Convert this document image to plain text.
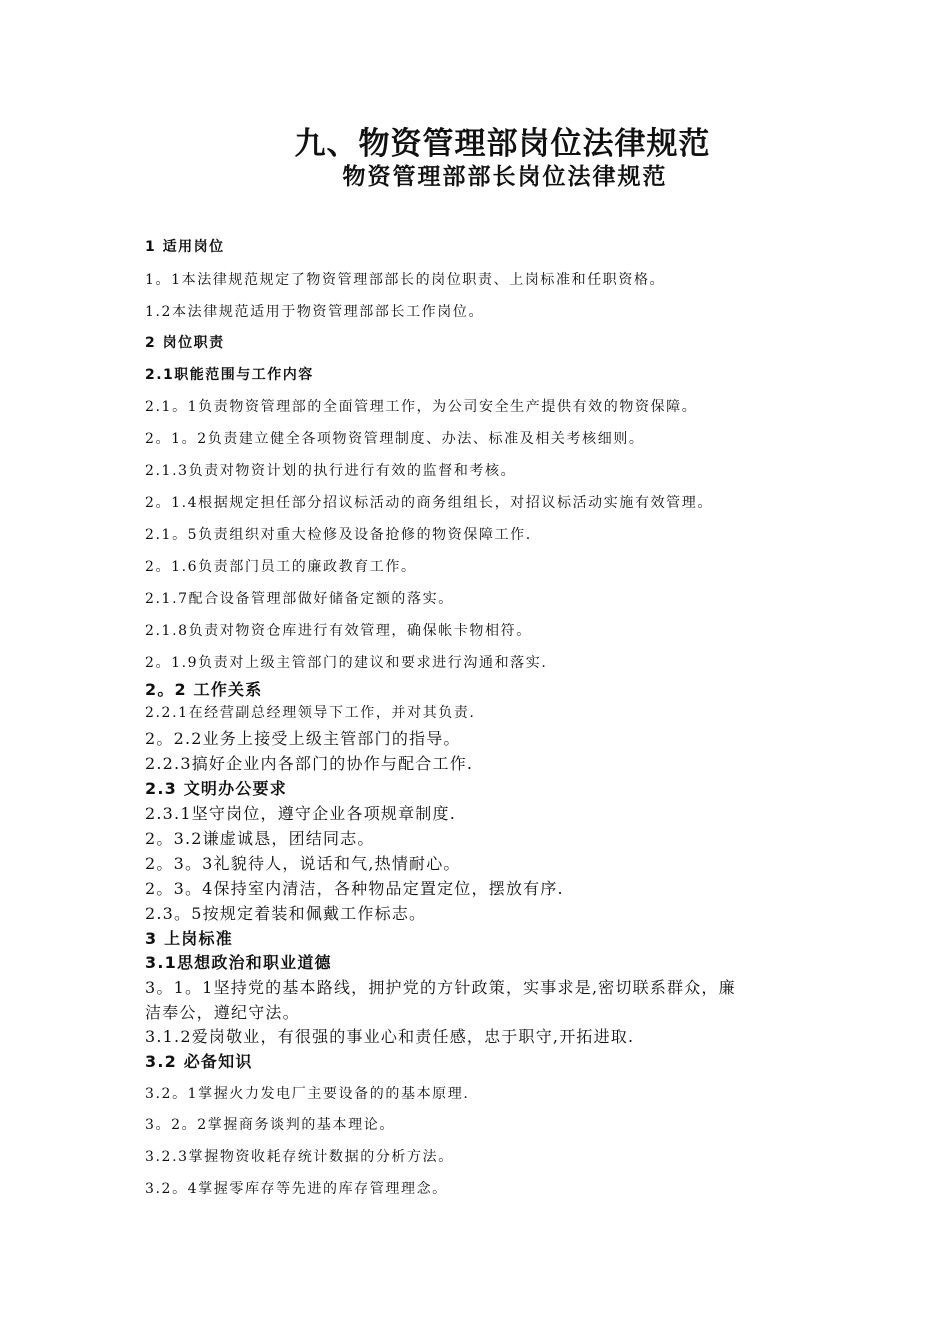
九、物资管理部岗位法律规范
物资管理部部长岗位法律规范
1 适用岗位
1。1本法律规范规定了物资管理部部长的岗位职责、上岗标准和任职资格。
1.2本法律规范适用于物资管理部部长工作岗位。
2 岗位职责
2.1职能范围与工作内容
2.1。1负责物资管理部的全面管理工作，为公司安全生产提供有效的物资保障。
2。1。2负责建立健全各项物资管理制度、办法、标准及相关考核细则。
2.1.3负责对物资计划的执行进行有效的监督和考核。
2。1.4根据规定担任部分招议标活动的商务组组长，对招议标活动实施有效管理。
2.1。5负责组织对重大检修及设备抢修的物资保障工作.
2。1.6负责部门员工的廉政教育工作。
2.1.7配合设备管理部做好储备定额的落实。
2.1.8负责对物资仓库进行有效管理，确保帐卡物相符。
2。1.9负责对上级主管部门的建议和要求进行沟通和落实.
2。2 工作关系
2.2.1在经营副总经理领导下工作，并对其负责.
2。2.2业务上接受上级主管部门的指导。
2.2.3搞好企业内各部门的协作与配合工作.
2.3 文明办公要求
2.3.1坚守岗位，遵守企业各项规章制度.
2。3.2谦虚诚恳，团结同志。
2。3。3礼貌待人，说话和气,热情耐心。
2。3。4保持室内清洁，各种物品定置定位，摆放有序.
2.3。5按规定着装和佩戴工作标志。
3 上岗标准
3.1思想政治和职业道德
3。1。1坚持党的基本路线，拥护党的方针政策，实事求是,密切联系群众，廉
洁奉公，遵纪守法。
3.1.2爱岗敬业，有很强的事业心和责任感，忠于职守,开拓进取.
3.2 必备知识
3.2。1掌握火力发电厂主要设备的的基本原理.
3。2。2掌握商务谈判的基本理论。
3.2.3掌握物资收耗存统计数据的分析方法。
3.2。4掌握零库存等先进的库存管理理念。
